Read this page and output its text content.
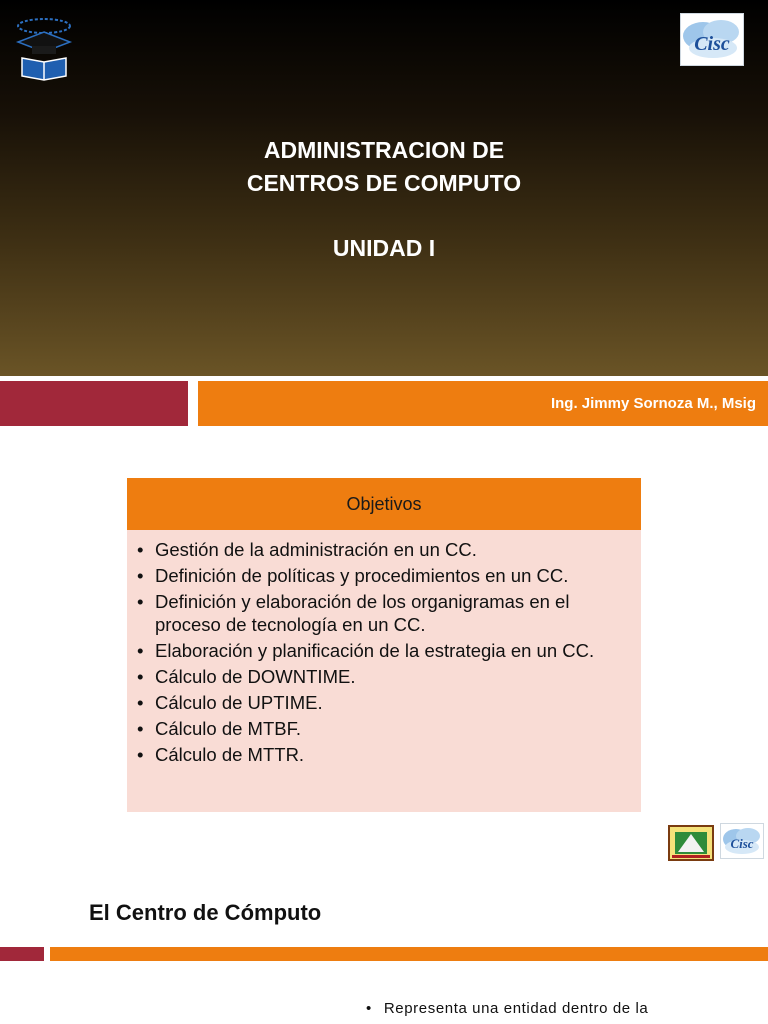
Cisc
ADMINISTRACION DE
CENTROS DE COMPUTO
UNIDAD I
Ing. Jimmy Sornoza M., Msig
Objetivos
• Gestión de la administración en un CC.
• Definición de políticas y procedimientos en un CC.
• Definición y elaboración de los organigramas en el proceso de tecnología en un CC.
• Elaboración y planificación de la estrategia en un CC.
• Cálculo de DOWNTIME.
• Cálculo de UPTIME.
• Cálculo de MTBF.
• Cálculo de MTTR.
Cisc
El Centro de Cómputo
• Representa una entidad dentro de la
